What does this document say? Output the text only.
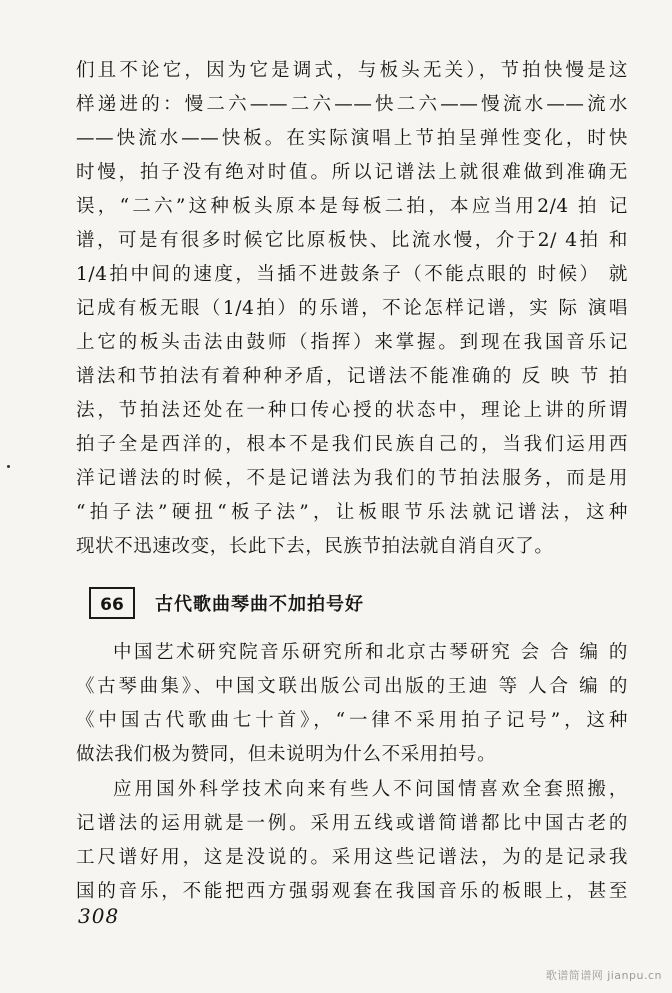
们且不论它，因为它是调式，与板头无关），节拍快慢是这
样递进的：慢二六——二六——快二六——慢流水——流水
——快流水——快板。在实际演唱上节拍呈弹性变化，时快
时慢，拍子没有绝对时值。所以记谱法上就很难做到准确无
误，“二六”这种板头原本是每板二拍，本应当用2/4 拍 记
谱，可是有很多时候它比原板快、比流水慢，介于2/ 4拍 和
1/4拍中间的速度，当插不进鼓条子（不能点眼的 时候） 就
记成有板无眼（1/4拍）的乐谱，不论怎样记谱，实 际 演唱
上它的板头击法由鼓师（指挥）来掌握。到现在我国音乐记
谱法和节拍法有着种种矛盾，记谱法不能准确的 反 映 节 拍
法，节拍法还处在一种口传心授的状态中，理论上讲的所谓
拍子全是西洋的，根本不是我们民族自己的，当我们运用西
洋记谱法的时候，不是记谱法为我们的节拍法服务，而是用
“拍子法”硬扭“板子法”，让板眼节乐法就记谱法，这种
现状不迅速改变，长此下去，民族节拍法就自消自灭了。
66	古代歌曲琴曲不加拍号好
中国艺术研究院音乐研究所和北京古琴研究 会 合 编 的
《古琴曲集》、中国文联出版公司出版的王迪 等 人合 编 的
《中国古代歌曲七十首》，“一律不采用拍子记号”，这种
做法我们极为赞同，但未说明为什么不采用拍号。
应用国外科学技术向来有些人不问国情喜欢全套照搬，
记谱法的运用就是一例。采用五线或谱简谱都比中国古老的
工尺谱好用，这是没说的。采用这些记谱法，为的是记录我
国的音乐，不能把西方强弱观套在我国音乐的板眼上，甚至
308
歌谱简谱网 jianpu.cn
